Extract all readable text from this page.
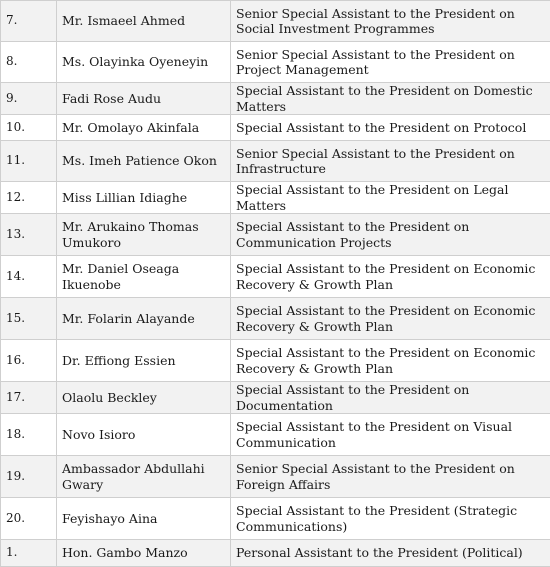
7.	Mr. Ismaeel Ahmed	Senior Special Assistant to the President on Social Investment Programmes
8.	Ms. Olayinka Oyeneyin	Senior Special Assistant to the President on Project Management
9.	Fadi Rose Audu	Special Assistant to the President on Domestic Matters
10.	Mr. Omolayo Akinfala	Special Assistant to the President on Protocol
11.	Ms. Imeh Patience Okon	Senior Special Assistant to the President on Infrastructure
12.	Miss Lillian Idiaghe	Special Assistant to the President on Legal Matters
13.	Mr. Arukaino Thomas Umukoro	Special Assistant to the President on Communication Projects
14.	Mr. Daniel Oseaga Ikuenobe	Special Assistant to the President on Economic Recovery & Growth Plan
15.	Mr. Folarin Alayande	Special Assistant to the President on Economic Recovery & Growth Plan
16.	Dr. Effiong Essien	Special Assistant to the President on Economic Recovery & Growth Plan
17.	Olaolu Beckley	Special Assistant to the President on Documentation
18.	Novo Isioro	Special Assistant to the President on Visual Communication
19.	Ambassador Abdullahi Gwary	Senior Special Assistant to the President on Foreign Affairs
20.	Feyishayo Aina	Special Assistant to the President (Strategic Communications)
1.	Hon. Gambo Manzo	Personal Assistant to the President (Political)
